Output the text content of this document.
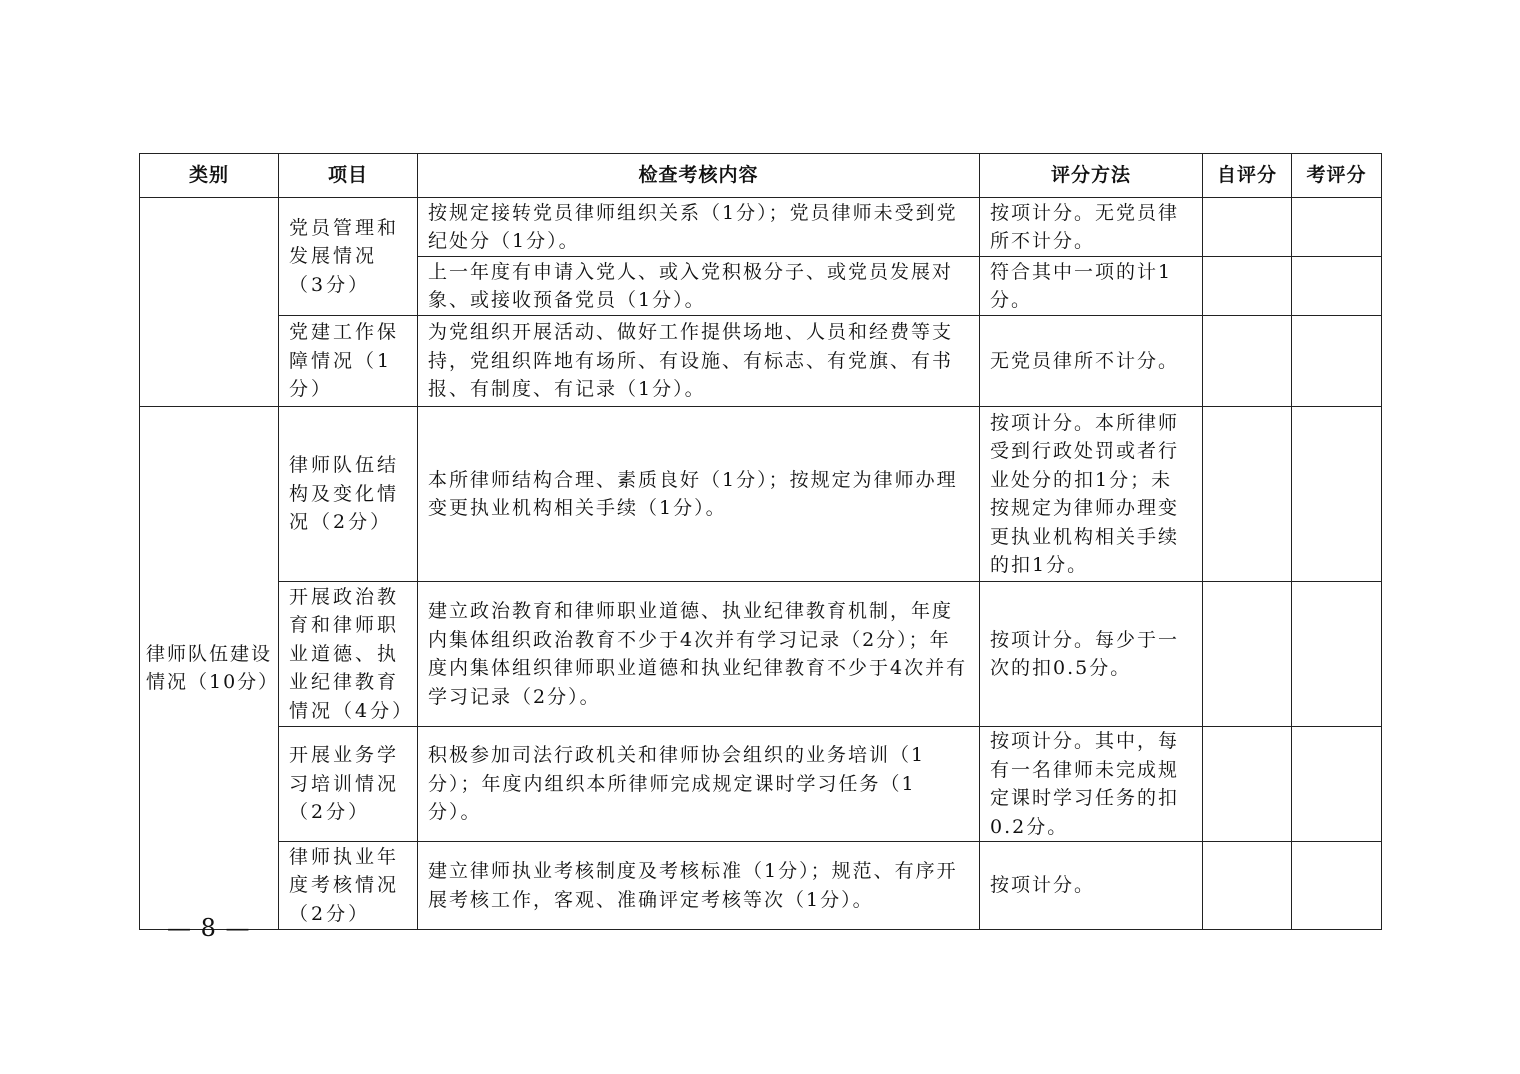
类别	项目	检查考核内容	评分方法	自评分	考评分
	党员管理和发展情况（3分）	按规定接转党员律师组织关系（1分）；党员律师未受到党纪处分（1分）。	按项计分。无党员律所不计分。		
		上一年度有申请入党人、或入党积极分子、或党员发展对象、或接收预备党员（1分）。	符合其中一项的计1分。		
	党建工作保障情况（1分）	为党组织开展活动、做好工作提供场地、人员和经费等支持，党组织阵地有场所、有设施、有标志、有党旗、有书报、有制度、有记录（1分）。	无党员律所不计分。		
律师队伍建设情况（10分）	律师队伍结构及变化情况（2分）	本所律师结构合理、素质良好（1分）；按规定为律师办理变更执业机构相关手续（1分）。	按项计分。本所律师受到行政处罚或者行业处分的扣1分；未按规定为律师办理变更执业机构相关手续的扣1分。		
	开展政治教育和律师职业道德、执业纪律教育情况（4分）	建立政治教育和律师职业道德、执业纪律教育机制，年度内集体组织政治教育不少于4次并有学习记录（2分）；年度内集体组织律师职业道德和执业纪律教育不少于4次并有学习记录（2分）。	按项计分。每少于一次的扣0.5分。		
	开展业务学习培训情况（2分）	积极参加司法行政机关和律师协会组织的业务培训（1分）；年度内组织本所律师完成规定课时学习任务（1分）。	按项计分。其中，每有一名律师未完成规定课时学习任务的扣0.2分。		
	律师执业年度考核情况（2分）	建立律师执业考核制度及考核标准（1分）；规范、有序开展考核工作，客观、准确评定考核等次（1分）。	按项计分。		
— 8 —
